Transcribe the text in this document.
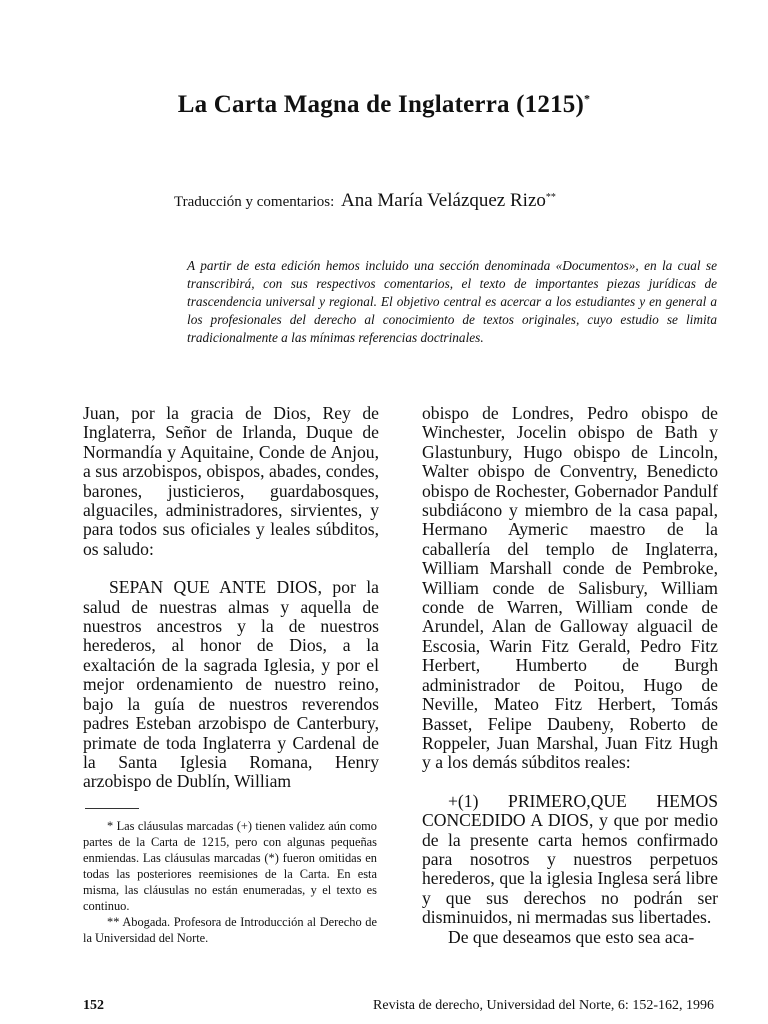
La Carta Magna de Inglaterra (1215)*
Traducción y comentarios: Ana María Velázquez Rizo**
A partir de esta edición hemos incluido una sección denominada «Documentos», en la cual se transcribirá, con sus respectivos comentarios, el texto de importantes piezas jurídicas de trascendencia universal y regional. El objetivo central es acercar a los estudiantes y en general a los profesionales del derecho al conocimiento de textos originales, cuyo estudio se limita tradicionalmente a las mínimas referencias doctrinales.

Juan, por la gracia de Dios, Rey de Inglaterra, Señor de Irlanda, Duque de Normandía y Aquitaine, Conde de Anjou, a sus arzobispos, obispos, abades, condes, barones, justicieros, guardabosques, alguaciles, administradores, sirvientes, y para todos sus oficiales y leales súbditos, os saludo:

SEPAN QUE ANTE DIOS, por la salud de nuestras almas y aquella de nuestros ancestros y la de nuestros herederos, al honor de Dios, a la exaltación de la sagrada Iglesia, y por el mejor ordenamiento de nuestro reino, bajo la guía de nuestros reverendos padres Esteban arzobispo de Canterbury, primate de toda Inglaterra y Cardenal de la Santa Iglesia Romana, Henry arzobispo de Dublín, William

obispo de Londres, Pedro obispo de Winchester, Jocelin obispo de Bath y Glastunbury, Hugo obispo de Lincoln, Walter obispo de Conventry, Benedicto obispo de Rochester, Gobernador Pandulf subdiácono y miembro de la casa papal, Hermano Aymeric maestro de la caballería del templo de Inglaterra, William Marshall conde de Pembroke, William conde de Salisbury, William conde de Warren, William conde de Arundel, Alan de Galloway alguacil de Escosia, Warin Fitz Gerald, Pedro Fitz Herbert, Humberto de Burgh administrador de Poitou, Hugo de Neville, Mateo Fitz Herbert, Tomás Basset, Felipe Daubeny, Roberto de Roppeler, Juan Marshal, Juan Fitz Hugh y a los demás súbditos reales:

+(1) PRIMERO,QUE HEMOS CONCEDIDO A DIOS, y que por medio de la presente carta hemos confirmado para nosotros y nuestros perpetuos herederos, que la iglesia Inglesa será libre y que sus derechos no podrán ser disminuidos, ni mermadas sus libertades.

De que deseamos que esto sea aca-

* Las cláusulas marcadas (+) tienen validez aún como partes de la Carta de 1215, pero con algunas pequeñas enmiendas. Las cláusulas marcadas (*) fueron omitidas en todas las posteriores reemisiones de la Carta. En esta misma, las cláusulas no están enumeradas, y el texto es continuo.

** Abogada. Profesora de Introducción al Derecho de la Universidad del Norte.

152	Revista de derecho, Universidad del Norte, 6: 152-162, 1996
